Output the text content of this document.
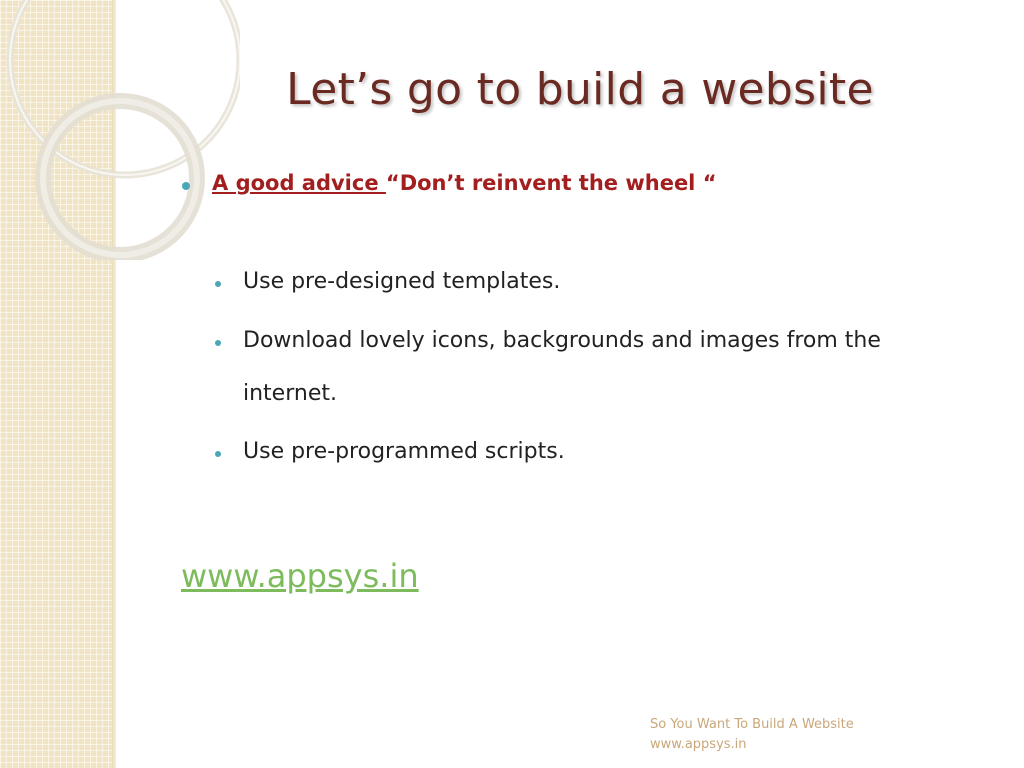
Let’s go to build a website
A good advice “Don’t reinvent the wheel “
Use pre-designed templates.
Download lovely icons, backgrounds and images from the
internet.
Use pre-programmed scripts.
www.appsys.in
So You Want To Build A Website
www.appsys.in
